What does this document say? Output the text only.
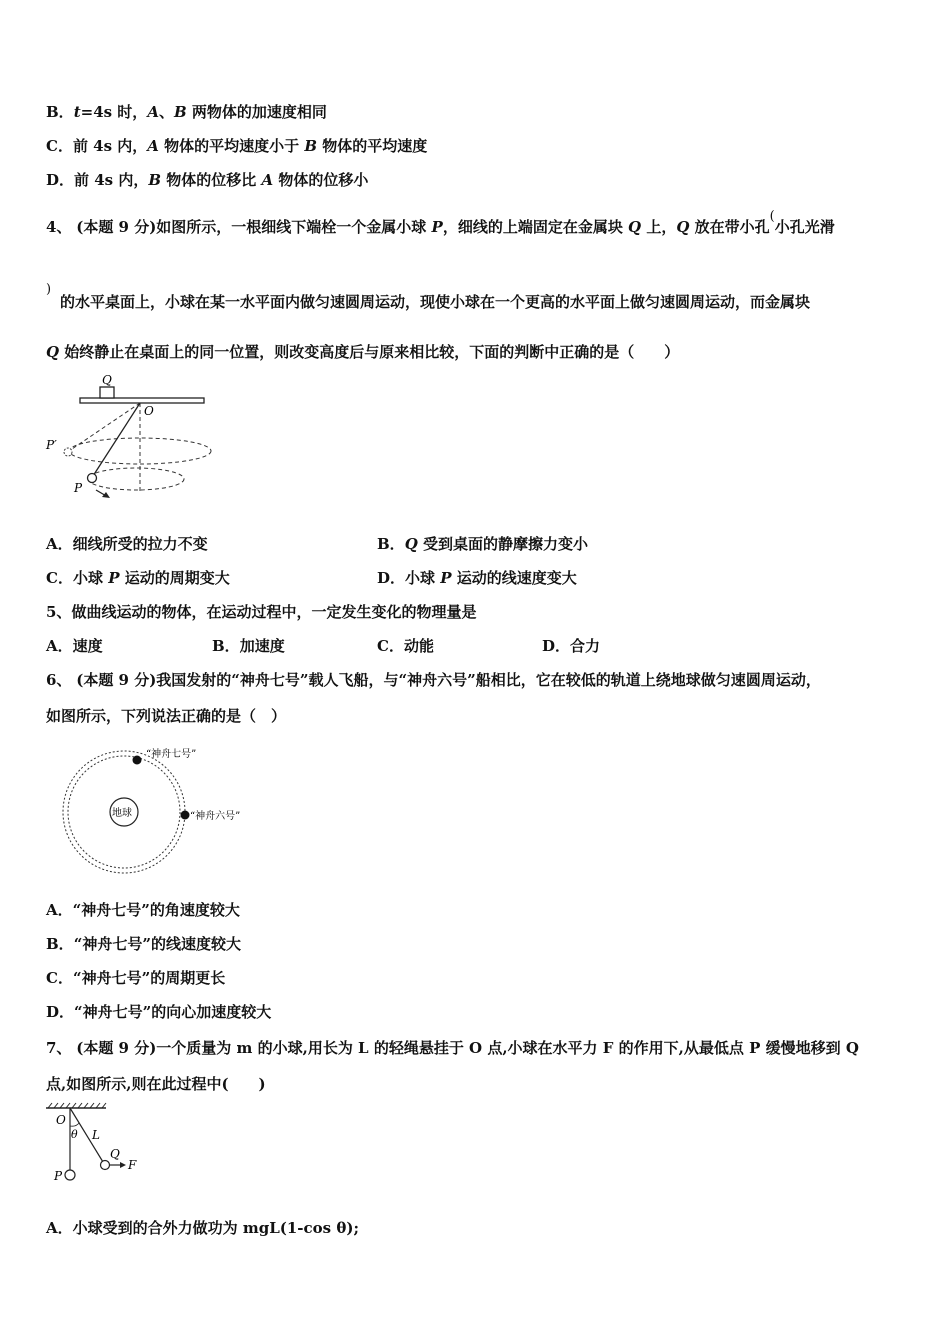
B．t=4s 时，A、B 两物体的加速度相同
C．前 4s 内，A 物体的平均速度小于 B 物体的平均速度
D．前 4s 内，B 物体的位移比 A 物体的位移小
4、 (本题 9 分)如图所示，一根细线下端栓一个金属小球 P，细线的上端固定在金属块 Q 上，Q 放在带小孔(小孔光滑
)
的水平桌面上，小球在某一水平面内做匀速圆周运动，现使小球在一个更高的水平面上做匀速圆周运动，而金属块
Q 始终静止在桌面上的同一位置，则改变高度后与原来相比较，下面的判断中正确的是（　　）
Q
O
P′
P
A．细线所受的拉力不变	B．Q 受到桌面的静摩擦力变小
C．小球 P 运动的周期变大	D．小球 P 运动的线速度变大
5、做曲线运动的物体，在运动过程中，一定发生变化的物理量是
A．速度	B．加速度	C．动能	D．合力
6、 (本题 9 分)我国发射的“神舟七号”载人飞船，与“神舟六号”船相比，它在较低的轨道上绕地球做匀速圆周运动，
如图所示，下列说法正确的是（　）
地球
“神舟七号”
“神舟六号”
A．“神舟七号”的角速度较大
B．“神舟七号”的线速度较大
C．“神舟七号”的周期更长
D．“神舟七号”的向心加速度较大
7、 (本题 9 分)一个质量为 m 的小球,用长为 L 的轻绳悬挂于 O 点,小球在水平力 F 的作用下,从最低点 P 缓慢地移到 Q
点,如图所示,则在此过程中(　　)
O
θ L
P
Q
F
A．小球受到的合外力做功为 mgL(1-cos θ);
